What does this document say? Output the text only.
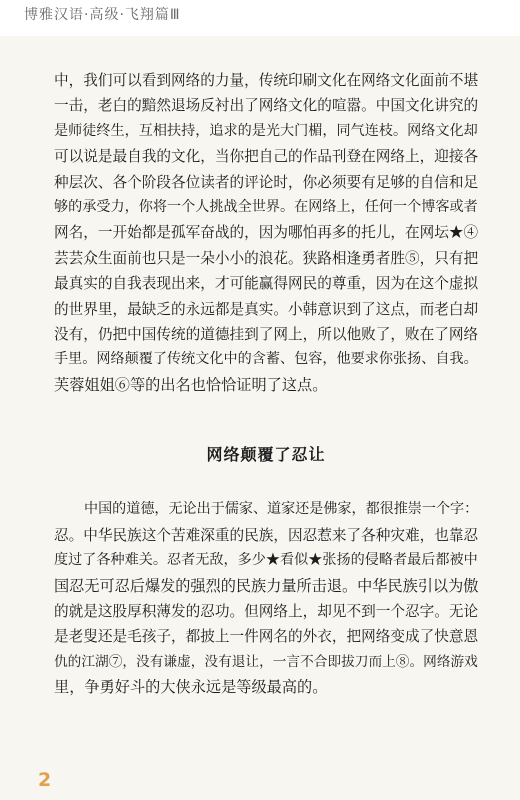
博雅汉语·高级·飞翔篇Ⅲ

中，我们可以看到网络的力量，传统印刷文化在网络文化面前不堪
一击，老白的黯然退场反衬出了网络文化的喧嚣。中国文化讲究的
是师徒终生，互相扶持，追求的是光大门楣，同气连枝。网络文化却
可以说是最自我的文化，当你把自己的作品刊登在网络上，迎接各
种层次、各个阶段各位读者的评论时，你必须要有足够的自信和足
够的承受力，你将一个人挑战全世界。在网络上，任何一个博客或者
网名，一开始都是孤军奋战的，因为哪怕再多的托儿，在网坛★④
芸芸众生面前也只是一朵小小的浪花。狭路相逢勇者胜⑤，只有把
最真实的自我表现出来，才可能赢得网民的尊重，因为在这个虚拟
的世界里，最缺乏的永远都是真实。小韩意识到了这点，而老白却
没有，仍把中国传统的道德挂到了网上，所以他败了，败在了网络
手里。网络颠覆了传统文化中的含蓄、包容，他要求你张扬、自我。
芙蓉姐姐⑥等的出名也恰恰证明了这点。

网络颠覆了忍让

中国的道德，无论出于儒家、道家还是佛家，都很推崇一个字：
忍。中华民族这个苦难深重的民族，因忍惹来了各种灾难，也靠忍
度过了各种难关。忍者无敌，多少★看似★张扬的侵略者最后都被中
国忍无可忍后爆发的强烈的民族力量所击退。中华民族引以为傲
的就是这股厚积薄发的忍功。但网络上，却见不到一个忍字。无论
是老叟还是毛孩子，都披上一件网名的外衣，把网络变成了快意恩
仇的江湖⑦，没有谦虚，没有退让，一言不合即拔刀而上⑧。网络游戏
里，争勇好斗的大侠永远是等级最高的。

2
